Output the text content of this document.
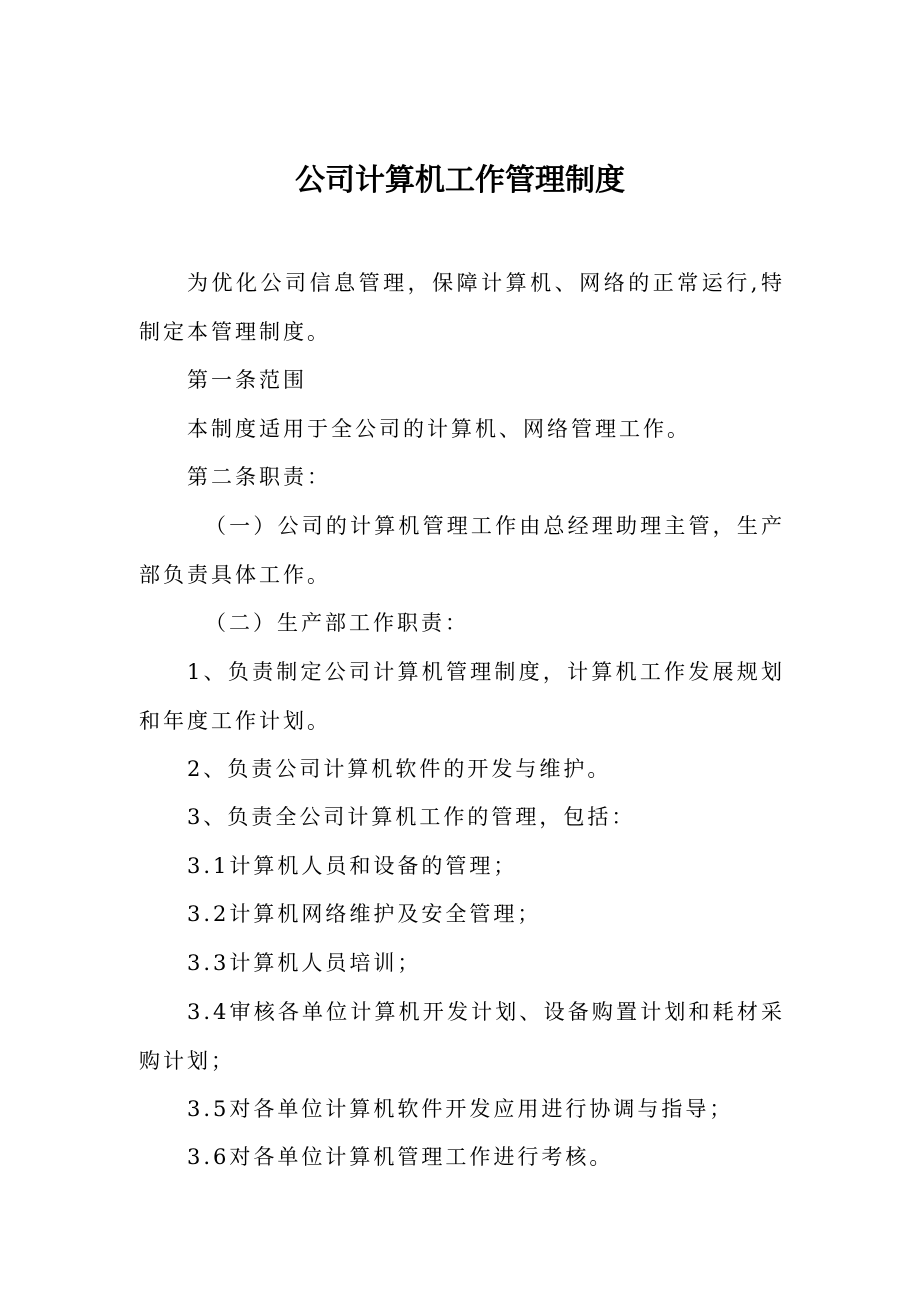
公司计算机工作管理制度

为优化公司信息管理，保障计算机、网络的正常运行,特制定本管理制度。

第一条范围

本制度适用于全公司的计算机、网络管理工作。

第二条职责：

（一）公司的计算机管理工作由总经理助理主管，生产部负责具体工作。

（二）生产部工作职责：

1、负责制定公司计算机管理制度，计算机工作发展规划和年度工作计划。

2、负责公司计算机软件的开发与维护。

3、负责全公司计算机工作的管理，包括：

3.1计算机人员和设备的管理；

3.2计算机网络维护及安全管理；

3.3计算机人员培训；

3.4审核各单位计算机开发计划、设备购置计划和耗材采购计划；

3.5对各单位计算机软件开发应用进行协调与指导；

3.6对各单位计算机管理工作进行考核。
